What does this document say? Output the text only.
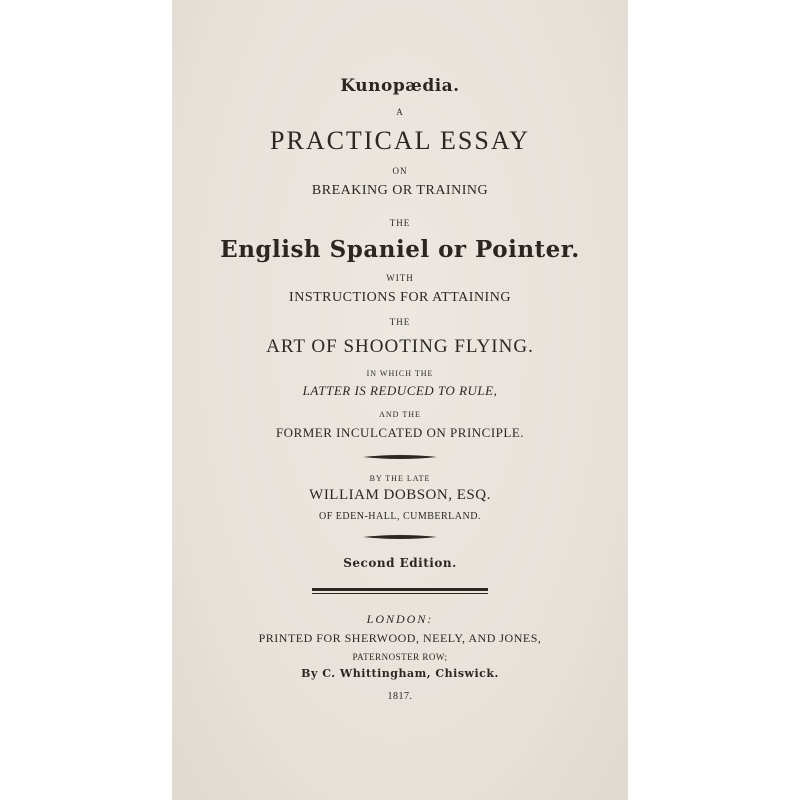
Kunopædia.
A
PRACTICAL ESSAY
ON
BREAKING OR TRAINING
THE
English Spaniel or Pointer.
WITH
INSTRUCTIONS FOR ATTAINING
THE
ART OF SHOOTING FLYING.
IN WHICH THE
LATTER IS REDUCED TO RULE,
AND THE
FORMER INCULCATED ON PRINCIPLE.
BY THE LATE
WILLIAM DOBSON, ESQ.
OF EDEN-HALL, CUMBERLAND.
Second Edition.
LONDON:
PRINTED FOR SHERWOOD, NEELY, AND JONES,
PATERNOSTER ROW;
By C. Whittingham, Chiswick.
1817.
